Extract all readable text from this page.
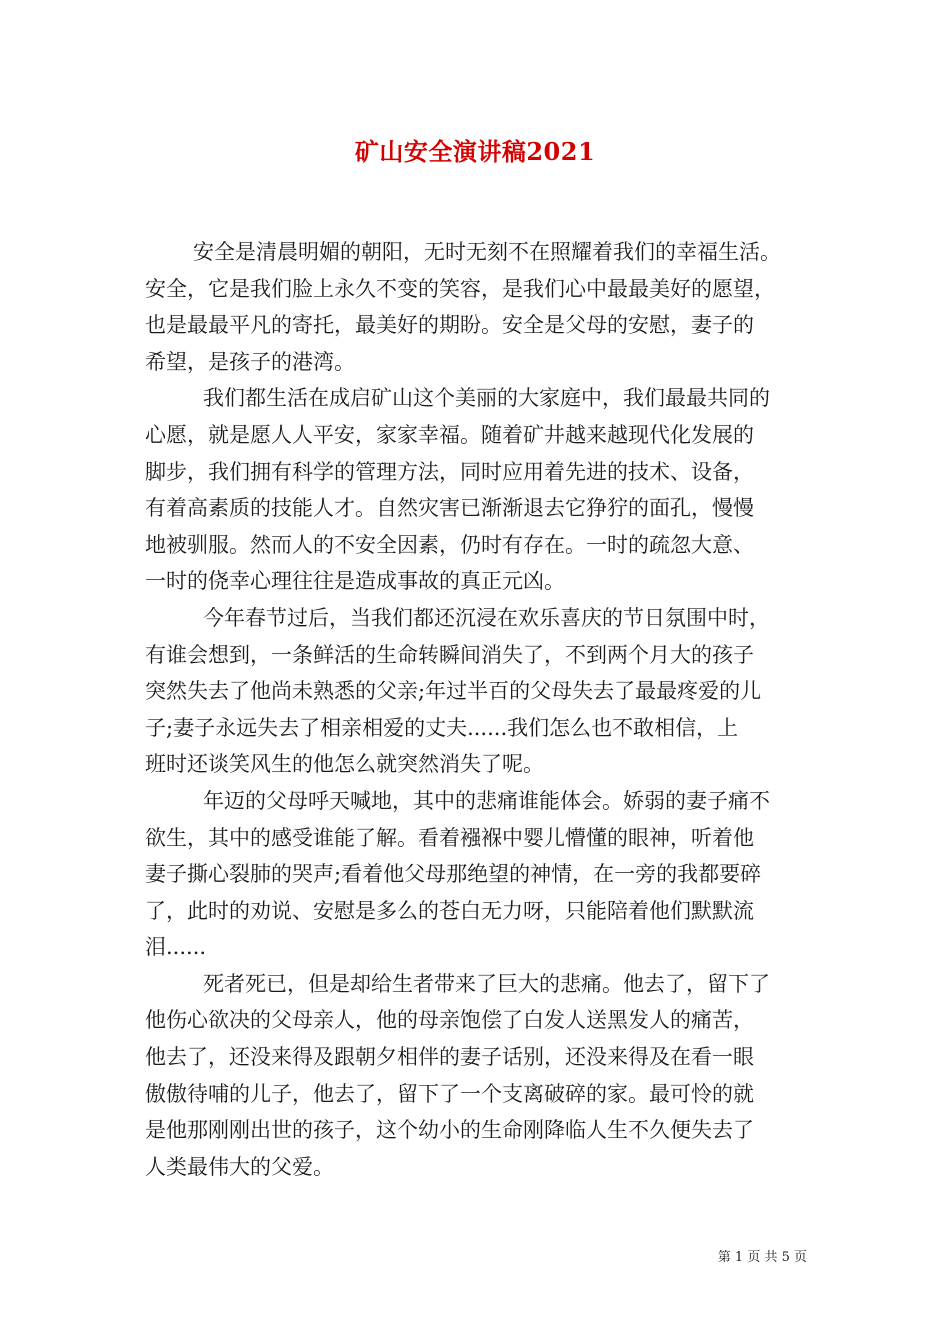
矿山安全演讲稿2021

安全是清晨明媚的朝阳，无时无刻不在照耀着我们的幸福生活。
安全，它是我们脸上永久不变的笑容，是我们心中最最美好的愿望，
也是最最平凡的寄托，最美好的期盼。安全是父母的安慰，妻子的
希望，是孩子的港湾。

我们都生活在成启矿山这个美丽的大家庭中，我们最最共同的
心愿，就是愿人人平安，家家幸福。随着矿井越来越现代化发展的
脚步，我们拥有科学的管理方法，同时应用着先进的技术、设备，
有着高素质的技能人才。自然灾害已渐渐退去它狰狞的面孔，慢慢
地被驯服。然而人的不安全因素，仍时有存在。一时的疏忽大意、
一时的侥幸心理往往是造成事故的真正元凶。

今年春节过后，当我们都还沉浸在欢乐喜庆的节日氛围中时，
有谁会想到，一条鲜活的生命转瞬间消失了，不到两个月大的孩子
突然失去了他尚未熟悉的父亲;年过半百的父母失去了最最疼爱的儿
子;妻子永远失去了相亲相爱的丈夫......我们怎么也不敢相信，上
班时还谈笑风生的他怎么就突然消失了呢。

年迈的父母呼天喊地，其中的悲痛谁能体会。娇弱的妻子痛不
欲生，其中的感受谁能了解。看着襁褓中婴儿懵懂的眼神，听着他
妻子撕心裂肺的哭声;看着他父母那绝望的神情，在一旁的我都要碎
了，此时的劝说、安慰是多么的苍白无力呀，只能陪着他们默默流
泪......

死者死已，但是却给生者带来了巨大的悲痛。他去了，留下了
他伤心欲决的父母亲人，他的母亲饱偿了白发人送黑发人的痛苦，
他去了，还没来得及跟朝夕相伴的妻子话别，还没来得及在看一眼
傲傲待哺的儿子，他去了，留下了一个支离破碎的家。最可怜的就
是他那刚刚出世的孩子，这个幼小的生命刚降临人生不久便失去了
人类最伟大的父爱。

第 1 页 共 5 页
